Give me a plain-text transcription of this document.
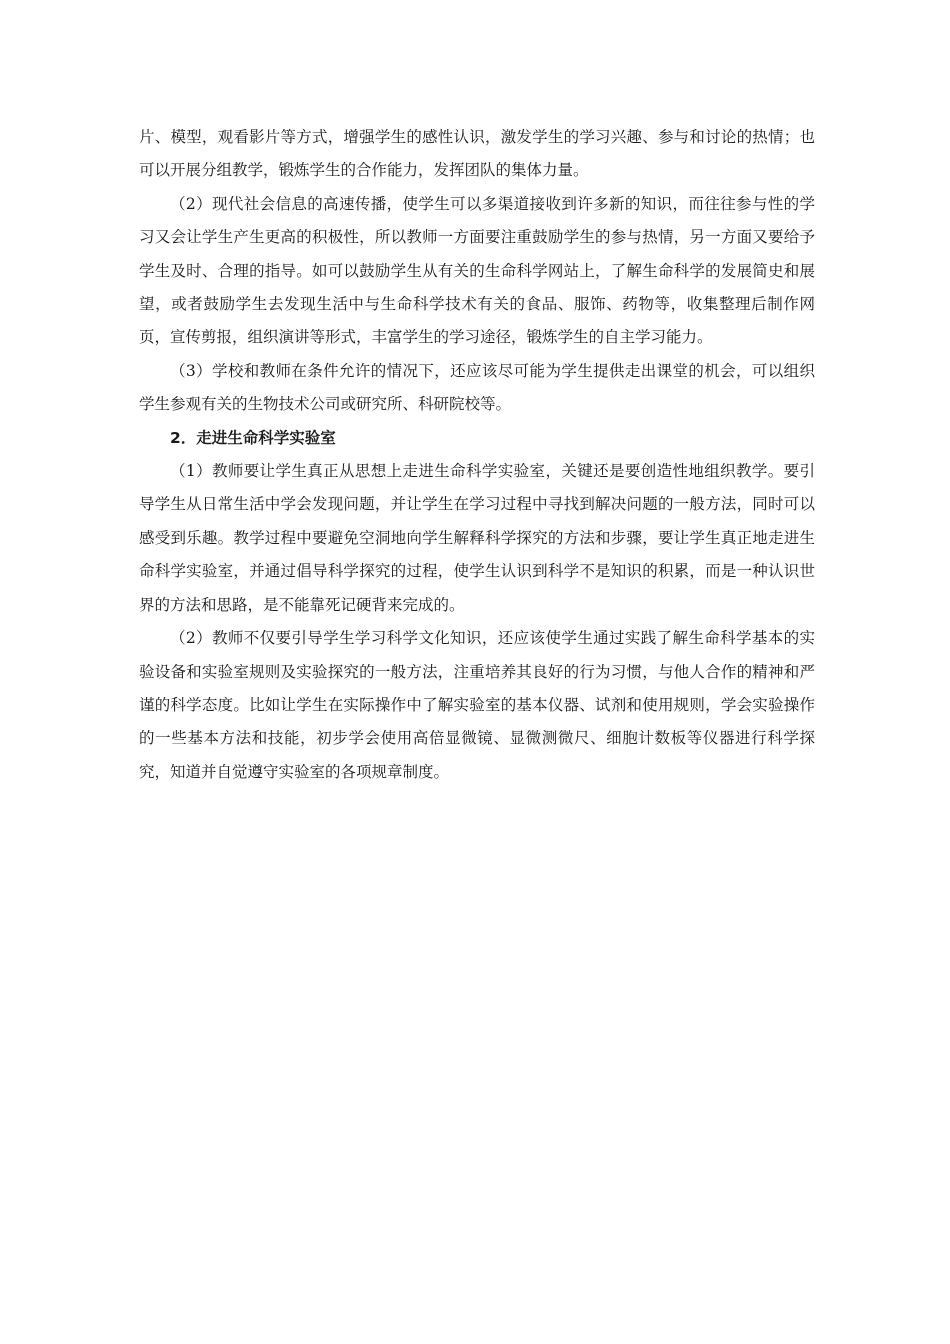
片、模型，观看影片等方式，增强学生的感性认识，激发学生的学习兴趣、参与和讨论的热情；也可以开展分组教学，锻炼学生的合作能力，发挥团队的集体力量。

（2）现代社会信息的高速传播，使学生可以多渠道接收到许多新的知识，而往往参与性的学习又会让学生产生更高的积极性，所以教师一方面要注重鼓励学生的参与热情，另一方面又要给予学生及时、合理的指导。如可以鼓励学生从有关的生命科学网站上，了解生命科学的发展简史和展望，或者鼓励学生去发现生活中与生命科学技术有关的食品、服饰、药物等，收集整理后制作网页，宣传剪报，组织演讲等形式，丰富学生的学习途径，锻炼学生的自主学习能力。

（3）学校和教师在条件允许的情况下，还应该尽可能为学生提供走出课堂的机会，可以组织学生参观有关的生物技术公司或研究所、科研院校等。

2．走进生命科学实验室

（1）教师要让学生真正从思想上走进生命科学实验室，关键还是要创造性地组织教学。要引导学生从日常生活中学会发现问题，并让学生在学习过程中寻找到解决问题的一般方法，同时可以感受到乐趣。教学过程中要避免空洞地向学生解释科学探究的方法和步骤，要让学生真正地走进生命科学实验室，并通过倡导科学探究的过程，使学生认识到科学不是知识的积累，而是一种认识世界的方法和思路，是不能靠死记硬背来完成的。

（2）教师不仅要引导学生学习科学文化知识，还应该使学生通过实践了解生命科学基本的实验设备和实验室规则及实验探究的一般方法，注重培养其良好的行为习惯，与他人合作的精神和严谨的科学态度。比如让学生在实际操作中了解实验室的基本仪器、试剂和使用规则，学会实验操作的一些基本方法和技能，初步学会使用高倍显微镜、显微测微尺、细胞计数板等仪器进行科学探究，知道并自觉遵守实验室的各项规章制度。
